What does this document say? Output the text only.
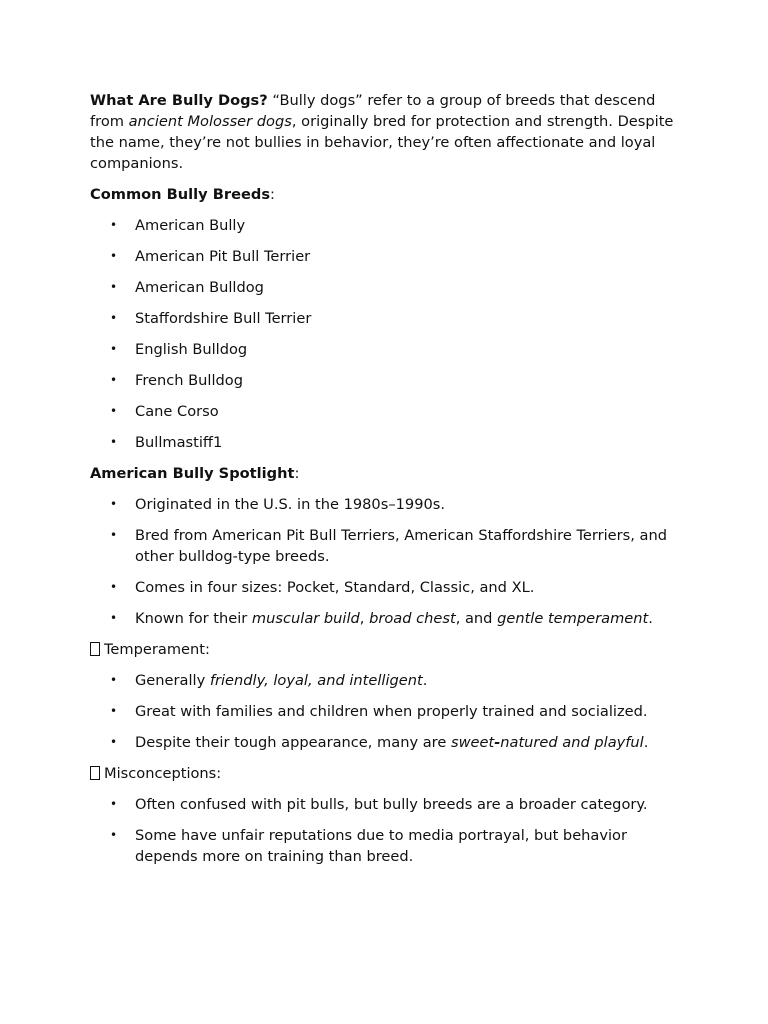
What Are Bully Dogs? “Bully dogs” refer to a group of breeds that descend from ancient Molosser dogs, originally bred for protection and strength. Despite the name, they’re not bullies in behavior, they’re often affectionate and loyal companions.

Common Bully Breeds:

• American Bully
• American Pit Bull Terrier
• American Bulldog
• Staffordshire Bull Terrier
• English Bulldog
• French Bulldog
• Cane Corso
• Bullmastiff1

American Bully Spotlight:

• Originated in the U.S. in the 1980s–1990s.
• Bred from American Pit Bull Terriers, American Staffordshire Terriers, and other bulldog-type breeds.
• Comes in four sizes: Pocket, Standard, Classic, and XL.
• Known for their muscular build, broad chest, and gentle temperament.

Temperament:

• Generally friendly, loyal, and intelligent.
• Great with families and children when properly trained and socialized.
• Despite their tough appearance, many are sweet-natured and playful.

Misconceptions:

• Often confused with pit bulls, but bully breeds are a broader category.
• Some have unfair reputations due to media portrayal, but behavior depends more on training than breed.
